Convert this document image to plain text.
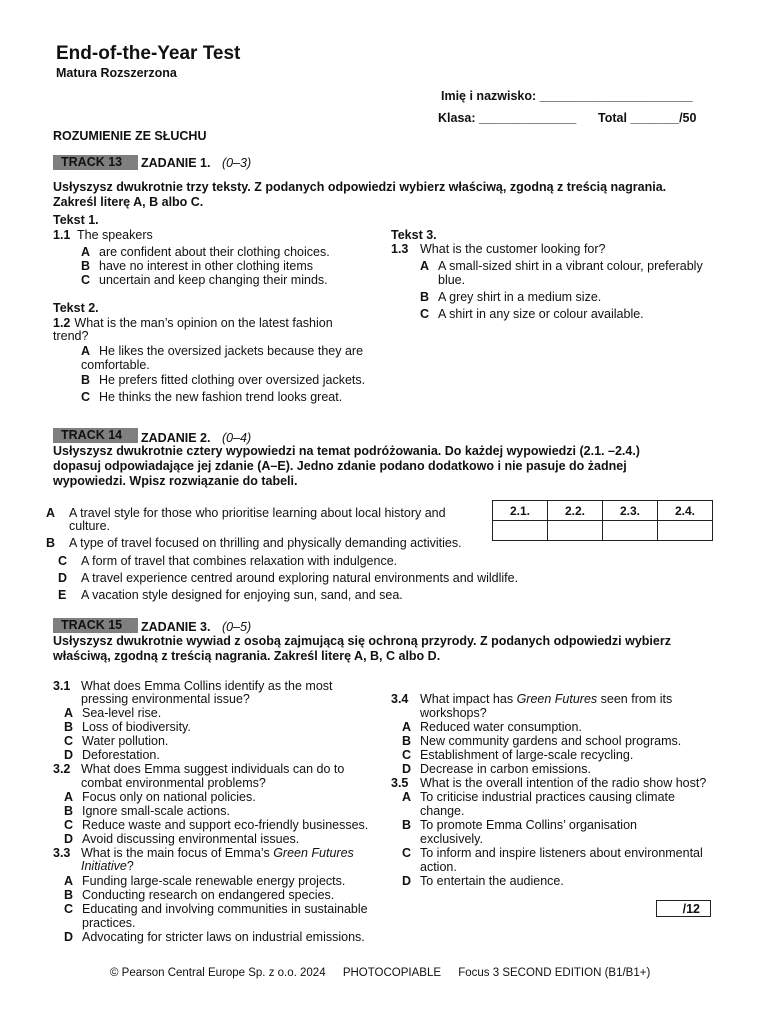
End-of-the-Year Test
Matura Rozszerzona
Imię i nazwisko: ______________________
Klasa: ______________ Total _______/50
ROZUMIENIE ZE SŁUCHU
TRACK 13	ZADANIE 1. (0–3)
Usłyszysz dwukrotnie trzy teksty. Z podanych odpowiedzi wybierz właściwą, zgodną z treścią nagrania.
Zakreśl literę A, B albo C.
Tekst 1.
1.1 The speakers
A are confident about their clothing choices.
B have no interest in other clothing items
C uncertain and keep changing their minds.
Tekst 2.
1.2 What is the man’s opinion on the latest fashion
trend?
A He likes the oversized jackets because they are
comfortable.
B He prefers fitted clothing over oversized jackets.
C He thinks the new fashion trend looks great.
Tekst 3.
1.3 What is the customer looking for?
A A small-sized shirt in a vibrant colour, preferably
blue.
B A grey shirt in a medium size.
C A shirt in any size or colour available.
TRACK 14	ZADANIE 2. (0–4)
Usłyszysz dwukrotnie cztery wypowiedzi na temat podróżowania. Do każdej wypowiedzi (2.1. –2.4.)
dopasuj odpowiadające jej zdanie (A–E). Jedno zdanie podano dodatkowo i nie pasuje do żadnej
wypowiedzi. Wpisz rozwiązanie do tabeli.
A	A travel style for those who prioritise learning about local history and
culture.
B	A type of travel focused on thrilling and physically demanding activities.
C	A form of travel that combines relaxation with indulgence.
D	A travel experience centred around exploring natural environments and wildlife.
E	A vacation style designed for enjoying sun, sand, and sea.
2.1.	2.2.	2.3.	2.4.

TRACK 15	ZADANIE 3. (0–5)
Usłyszysz dwukrotnie wywiad z osobą zajmującą się ochroną przyrody. Z podanych odpowiedzi wybierz
właściwą, zgodną z treścią nagrania. Zakreśl literę A, B, C albo D.
3.1 What does Emma Collins identify as the most
pressing environmental issue?
A Sea-level rise.
B Loss of biodiversity.
C Water pollution.
D Deforestation.
3.2 What does Emma suggest individuals can do to
combat environmental problems?
A Focus only on national policies.
B Ignore small-scale actions.
C Reduce waste and support eco-friendly businesses.
D Avoid discussing environmental issues.
3.3 What is the main focus of Emma’s Green Futures
Initiative?
A Funding large-scale renewable energy projects.
B Conducting research on endangered species.
C Educating and involving communities in sustainable
practices.
D Advocating for stricter laws on industrial emissions.
3.4 What impact has Green Futures seen from its
workshops?
A Reduced water consumption.
B New community gardens and school programs.
C Establishment of large-scale recycling.
D Decrease in carbon emissions.
3.5 What is the overall intention of the radio show host?
A To criticise industrial practices causing climate
change.
B To promote Emma Collins’ organisation
exclusively.
C To inform and inspire listeners about environmental
action.
D To entertain the audience.
/12
© Pearson Central Europe Sp. z o.o. 2024 PHOTOCOPIABLE Focus 3 SECOND EDITION (B1/B1+)
